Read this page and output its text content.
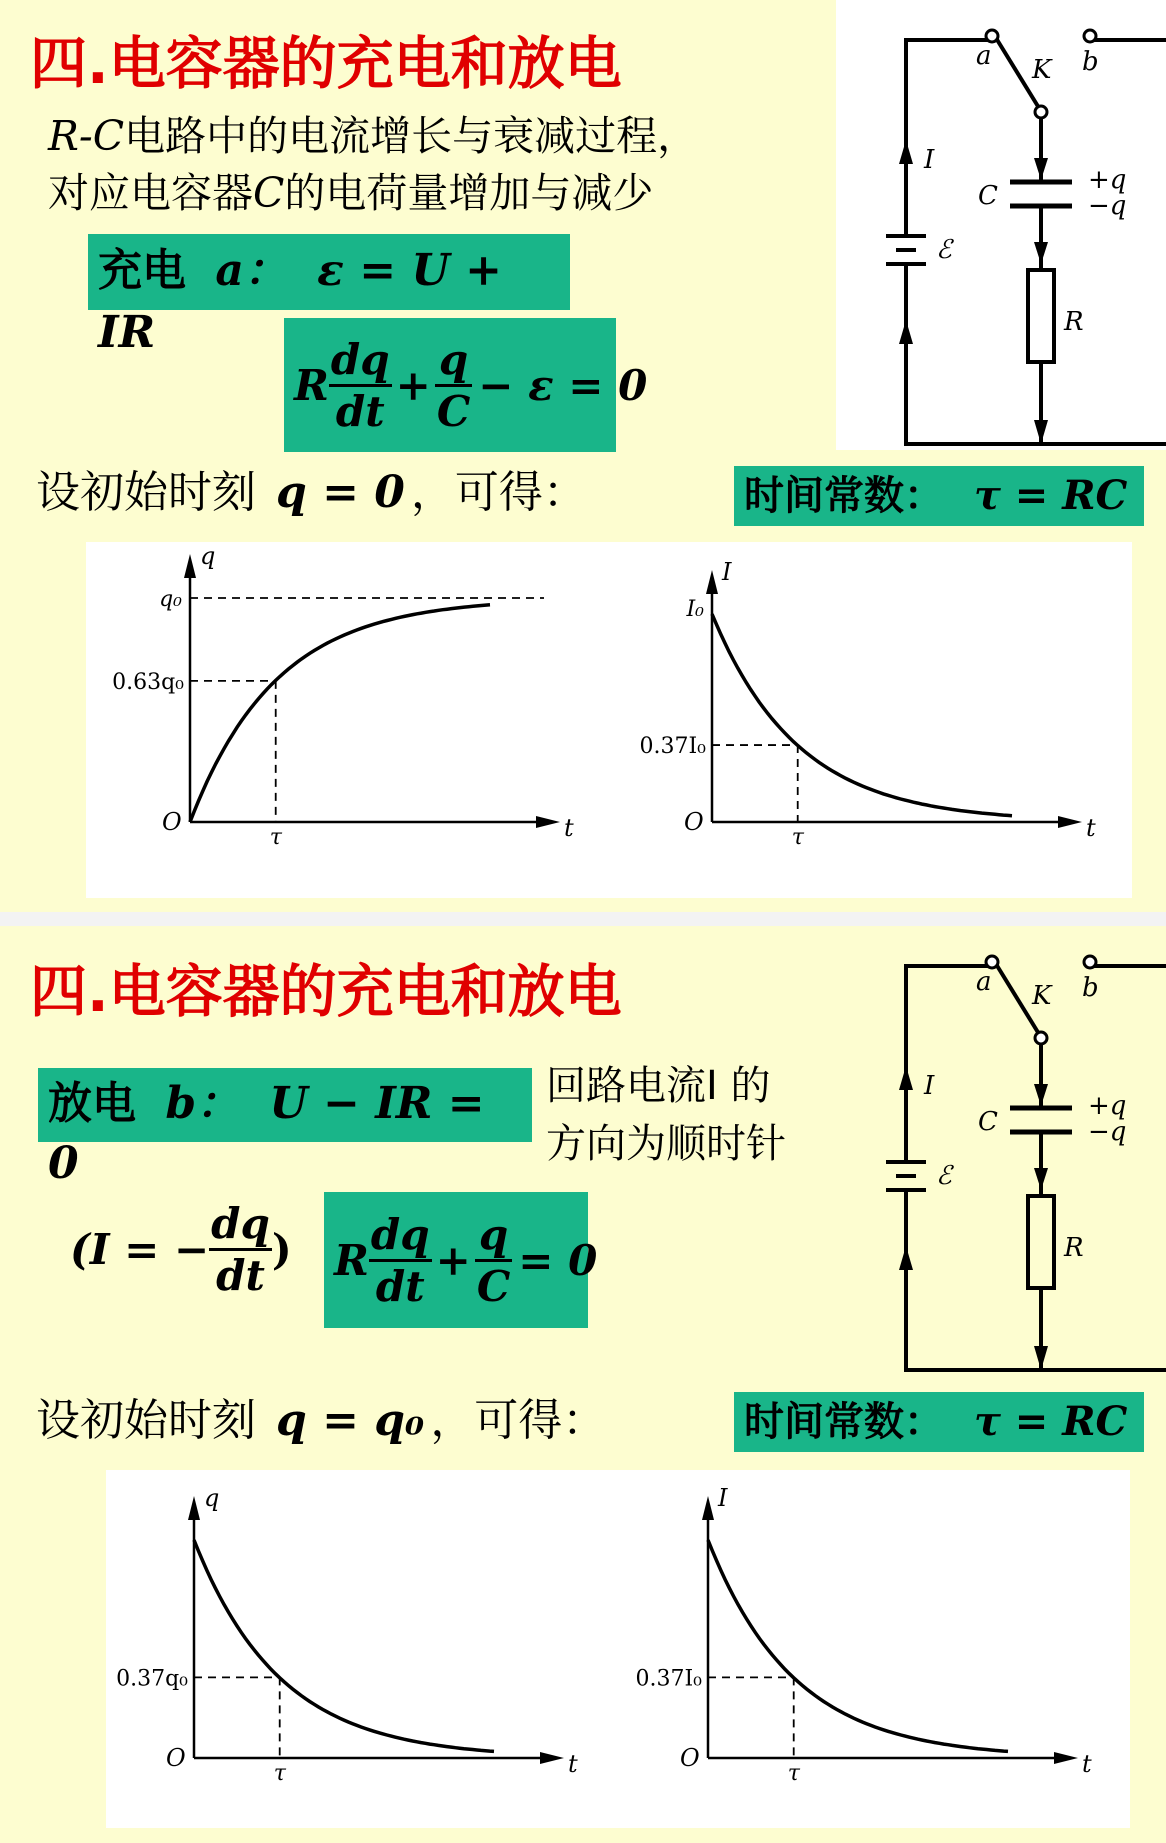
四.电容器的充电和放电
R-C电路中的电流增长与衰减过程，
对应电容器C的电荷量增加与减少
充电 a： ε = U + IR
R $\frac{dq}{dt} + \frac{q}{C} - \varepsilon = 0$
设初始时刻 q = 0 ，可得：	时间常数： τ = RC
a	b
K
I
C
+q
−q
ℰ
R
t
q
O
0.63q₀
τ
q₀
t
I
O
0.37I₀
τ
I₀
四.电容器的充电和放电
放电 b： U − IR = 0
回路电流I 的
方向为顺时针
(I = − $\frac{dq}{dt}$ ) R $\frac{dq}{dt} + \frac{q}{C} = 0$
设初始时刻 q = q₀ ，可得：	时间常数： τ = RC
a	b
K
I
C
+q
−q
ℰ
R
t
q
O
0.37q₀
τ	t
I
O
0.37I₀
τ
